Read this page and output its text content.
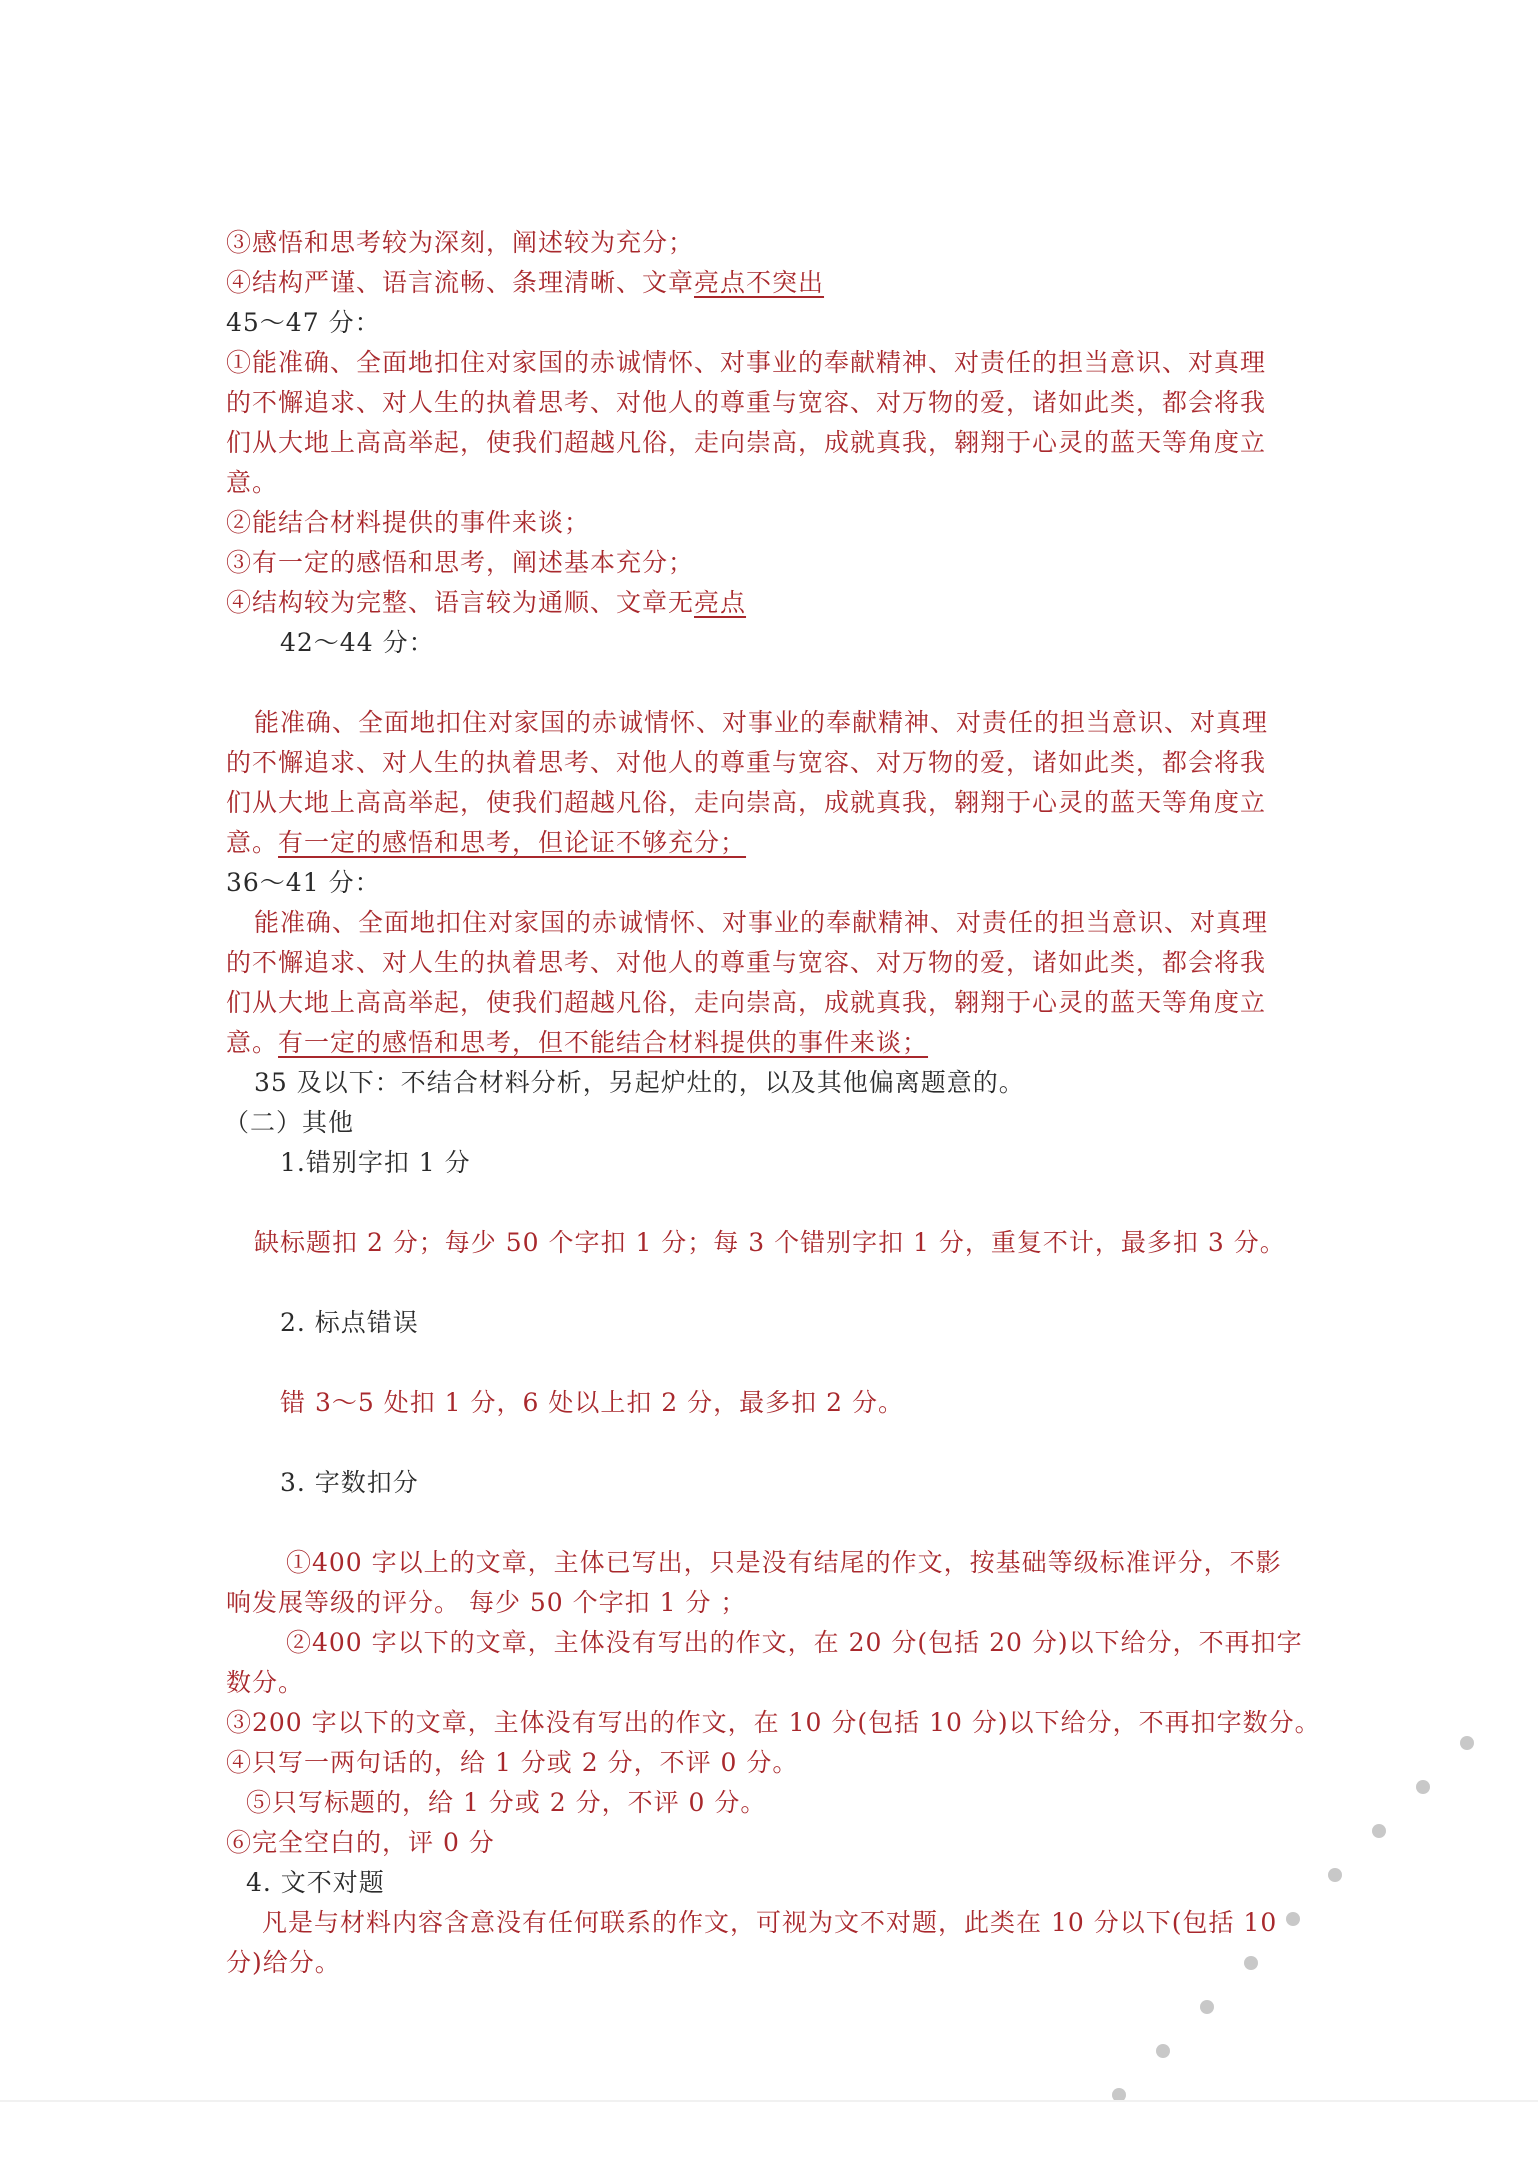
③感悟和思考较为深刻，阐述较为充分；
④结构严谨、语言流畅、条理清晰、文章亮点不突出
45～47 分：
①能准确、全面地扣住对家国的赤诚情怀、对事业的奉献精神、对责任的担当意识、对真理
的不懈追求、对人生的执着思考、对他人的尊重与宽容、对万物的爱，诸如此类，都会将我
们从大地上高高举起，使我们超越凡俗，走向崇高，成就真我，翱翔于心灵的蓝天等角度立
意。
②能结合材料提供的事件来谈；
③有一定的感悟和思考，阐述基本充分；
④结构较为完整、语言较为通顺、文章无亮点
42～44 分：
能准确、全面地扣住对家国的赤诚情怀、对事业的奉献精神、对责任的担当意识、对真理
的不懈追求、对人生的执着思考、对他人的尊重与宽容、对万物的爱，诸如此类，都会将我
们从大地上高高举起，使我们超越凡俗，走向崇高，成就真我，翱翔于心灵的蓝天等角度立
意。有一定的感悟和思考，但论证不够充分；
36～41 分：
能准确、全面地扣住对家国的赤诚情怀、对事业的奉献精神、对责任的担当意识、对真理
的不懈追求、对人生的执着思考、对他人的尊重与宽容、对万物的爱，诸如此类，都会将我
们从大地上高高举起，使我们超越凡俗，走向崇高，成就真我，翱翔于心灵的蓝天等角度立
意。有一定的感悟和思考，但不能结合材料提供的事件来谈；
35 及以下：不结合材料分析，另起炉灶的，以及其他偏离题意的。
（二）其他
1.错别字扣 1 分
缺标题扣 2 分；每少 50 个字扣 1 分；每 3 个错别字扣 1 分，重复不计，最多扣 3 分。
2. 标点错误
错 3～5 处扣 1 分，6 处以上扣 2 分，最多扣 2 分。
3. 字数扣分
①400 字以上的文章，主体已写出，只是没有结尾的作文，按基础等级标准评分，不影
响发展等级的评分。 每少 50 个字扣 1 分 ；
②400 字以下的文章，主体没有写出的作文，在 20 分(包括 20 分)以下给分，不再扣字
数分。
③200 字以下的文章，主体没有写出的作文，在 10 分(包括 10 分)以下给分，不再扣字数分。
④只写一两句话的，给 1 分或 2 分，不评 0 分。
⑤只写标题的，给 1 分或 2 分，不评 0 分。
⑥完全空白的，评 0 分
4. 文不对题
凡是与材料内容含意没有任何联系的作文，可视为文不对题，此类在 10 分以下(包括 10
分)给分。
